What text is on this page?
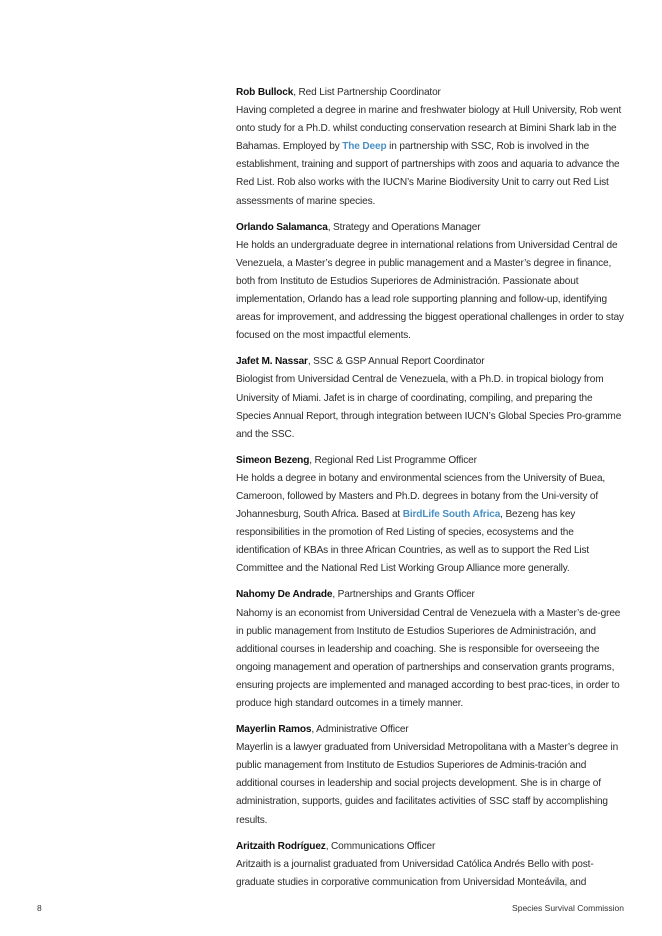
Rob Bullock, Red List Partnership Coordinator

Having completed a degree in marine and freshwater biology at Hull University, Rob went onto study for a Ph.D. whilst conducting conservation research at Bimini Shark lab in the Bahamas. Employed by The Deep in partnership with SSC, Rob is involved in the establishment, training and support of partnerships with zoos and aquaria to advance the Red List. Rob also works with the IUCN’s Marine Biodiversity Unit to carry out Red List assessments of marine species.

Orlando Salamanca, Strategy and Operations Manager

He holds an undergraduate degree in international relations from Universidad Central de Venezuela, a Master’s degree in public management and a Master’s degree in finance, both from Instituto de Estudios Superiores de Administración. Passionate about implementation, Orlando has a lead role supporting planning and follow-up, identifying areas for improvement, and addressing the biggest operational challenges in order to stay focused on the most impactful elements.

Jafet M. Nassar, SSC & GSP Annual Report Coordinator

Biologist from Universidad Central de Venezuela, with a Ph.D. in tropical biology from University of Miami. Jafet is in charge of coordinating, compiling, and preparing the Species Annual Report, through integration between IUCN’s Global Species Pro-gramme and the SSC.

Simeon Bezeng, Regional Red List Programme Officer

He holds a degree in botany and environmental sciences from the University of Buea, Cameroon, followed by Masters and Ph.D. degrees in botany from the Uni-versity of Johannesburg, South Africa. Based at BirdLife South Africa, Bezeng has key responsibilities in the promotion of Red Listing of species, ecosystems and the identification of KBAs in three African Countries, as well as to support the Red List Committee and the National Red List Working Group Alliance more generally.

Nahomy De Andrade, Partnerships and Grants Officer

Nahomy is an economist from Universidad Central de Venezuela with a Master’s de-gree in public management from Instituto de Estudios Superiores de Administración, and additional courses in leadership and coaching. She is responsible for overseeing the ongoing management and operation of partnerships and conservation grants programs, ensuring projects are implemented and managed according to best prac-tices, in order to produce high standard outcomes in a timely manner.

Mayerlin Ramos, Administrative Officer

Mayerlin is a lawyer graduated from Universidad Metropolitana with a Master’s degree in public management from Instituto de Estudios Superiores de Adminis-tración and additional courses in leadership and social projects development. She is in charge of administration, supports, guides and facilitates activities of SSC staff by accomplishing results.

Aritzaith Rodríguez, Communications Officer

Aritzaith is a journalist graduated from Universidad Católica Andrés Bello with post-graduate studies in corporative communication from Universidad Monteávila, and

8	Species Survival Commission
